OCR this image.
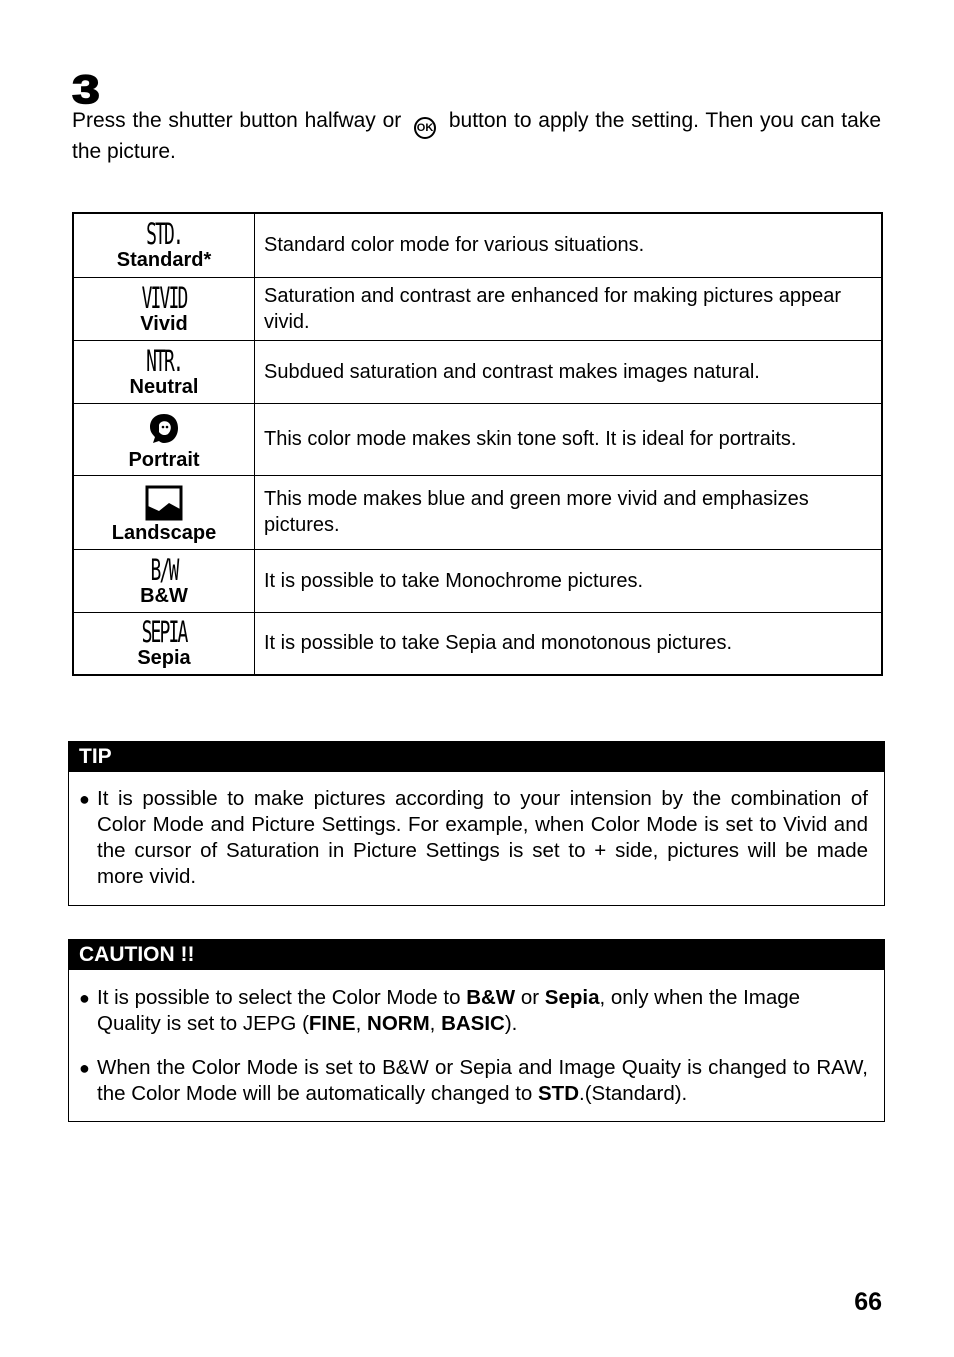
3
Press the shutter button halfway or OK button to apply the setting. Then you can take the picture.
STD.
Standard*	Standard color mode for various situations.

VIVID
Vivid	Saturation and contrast are enhanced for making pictures appear vivid.

NTR.
Neutral	Subdued saturation and contrast makes images natural.

Portrait	This color mode makes skin tone soft. It is ideal for portraits.

Landscape	This mode makes blue and green more vivid and emphasizes pictures.

B/W
B&W	It is possible to take Monochrome pictures.

SEPIA
Sepia	It is possible to take Sepia and monotonous pictures.
TIP
● It is possible to make pictures according to your intension by the combination of Color Mode and Picture Settings. For example, when Color Mode is set to Vivid and the cursor of Saturation in Picture Settings is set to + side, pictures will be made more vivid.
CAUTION !!
● It is possible to select the Color Mode to B&W or Sepia, only when the Image Quality is set to JEPG (FINE, NORM, BASIC).
● When the Color Mode is set to B&W or Sepia and Image Quaity is changed to RAW, the Color Mode will be automatically changed to STD.(Standard).
66
